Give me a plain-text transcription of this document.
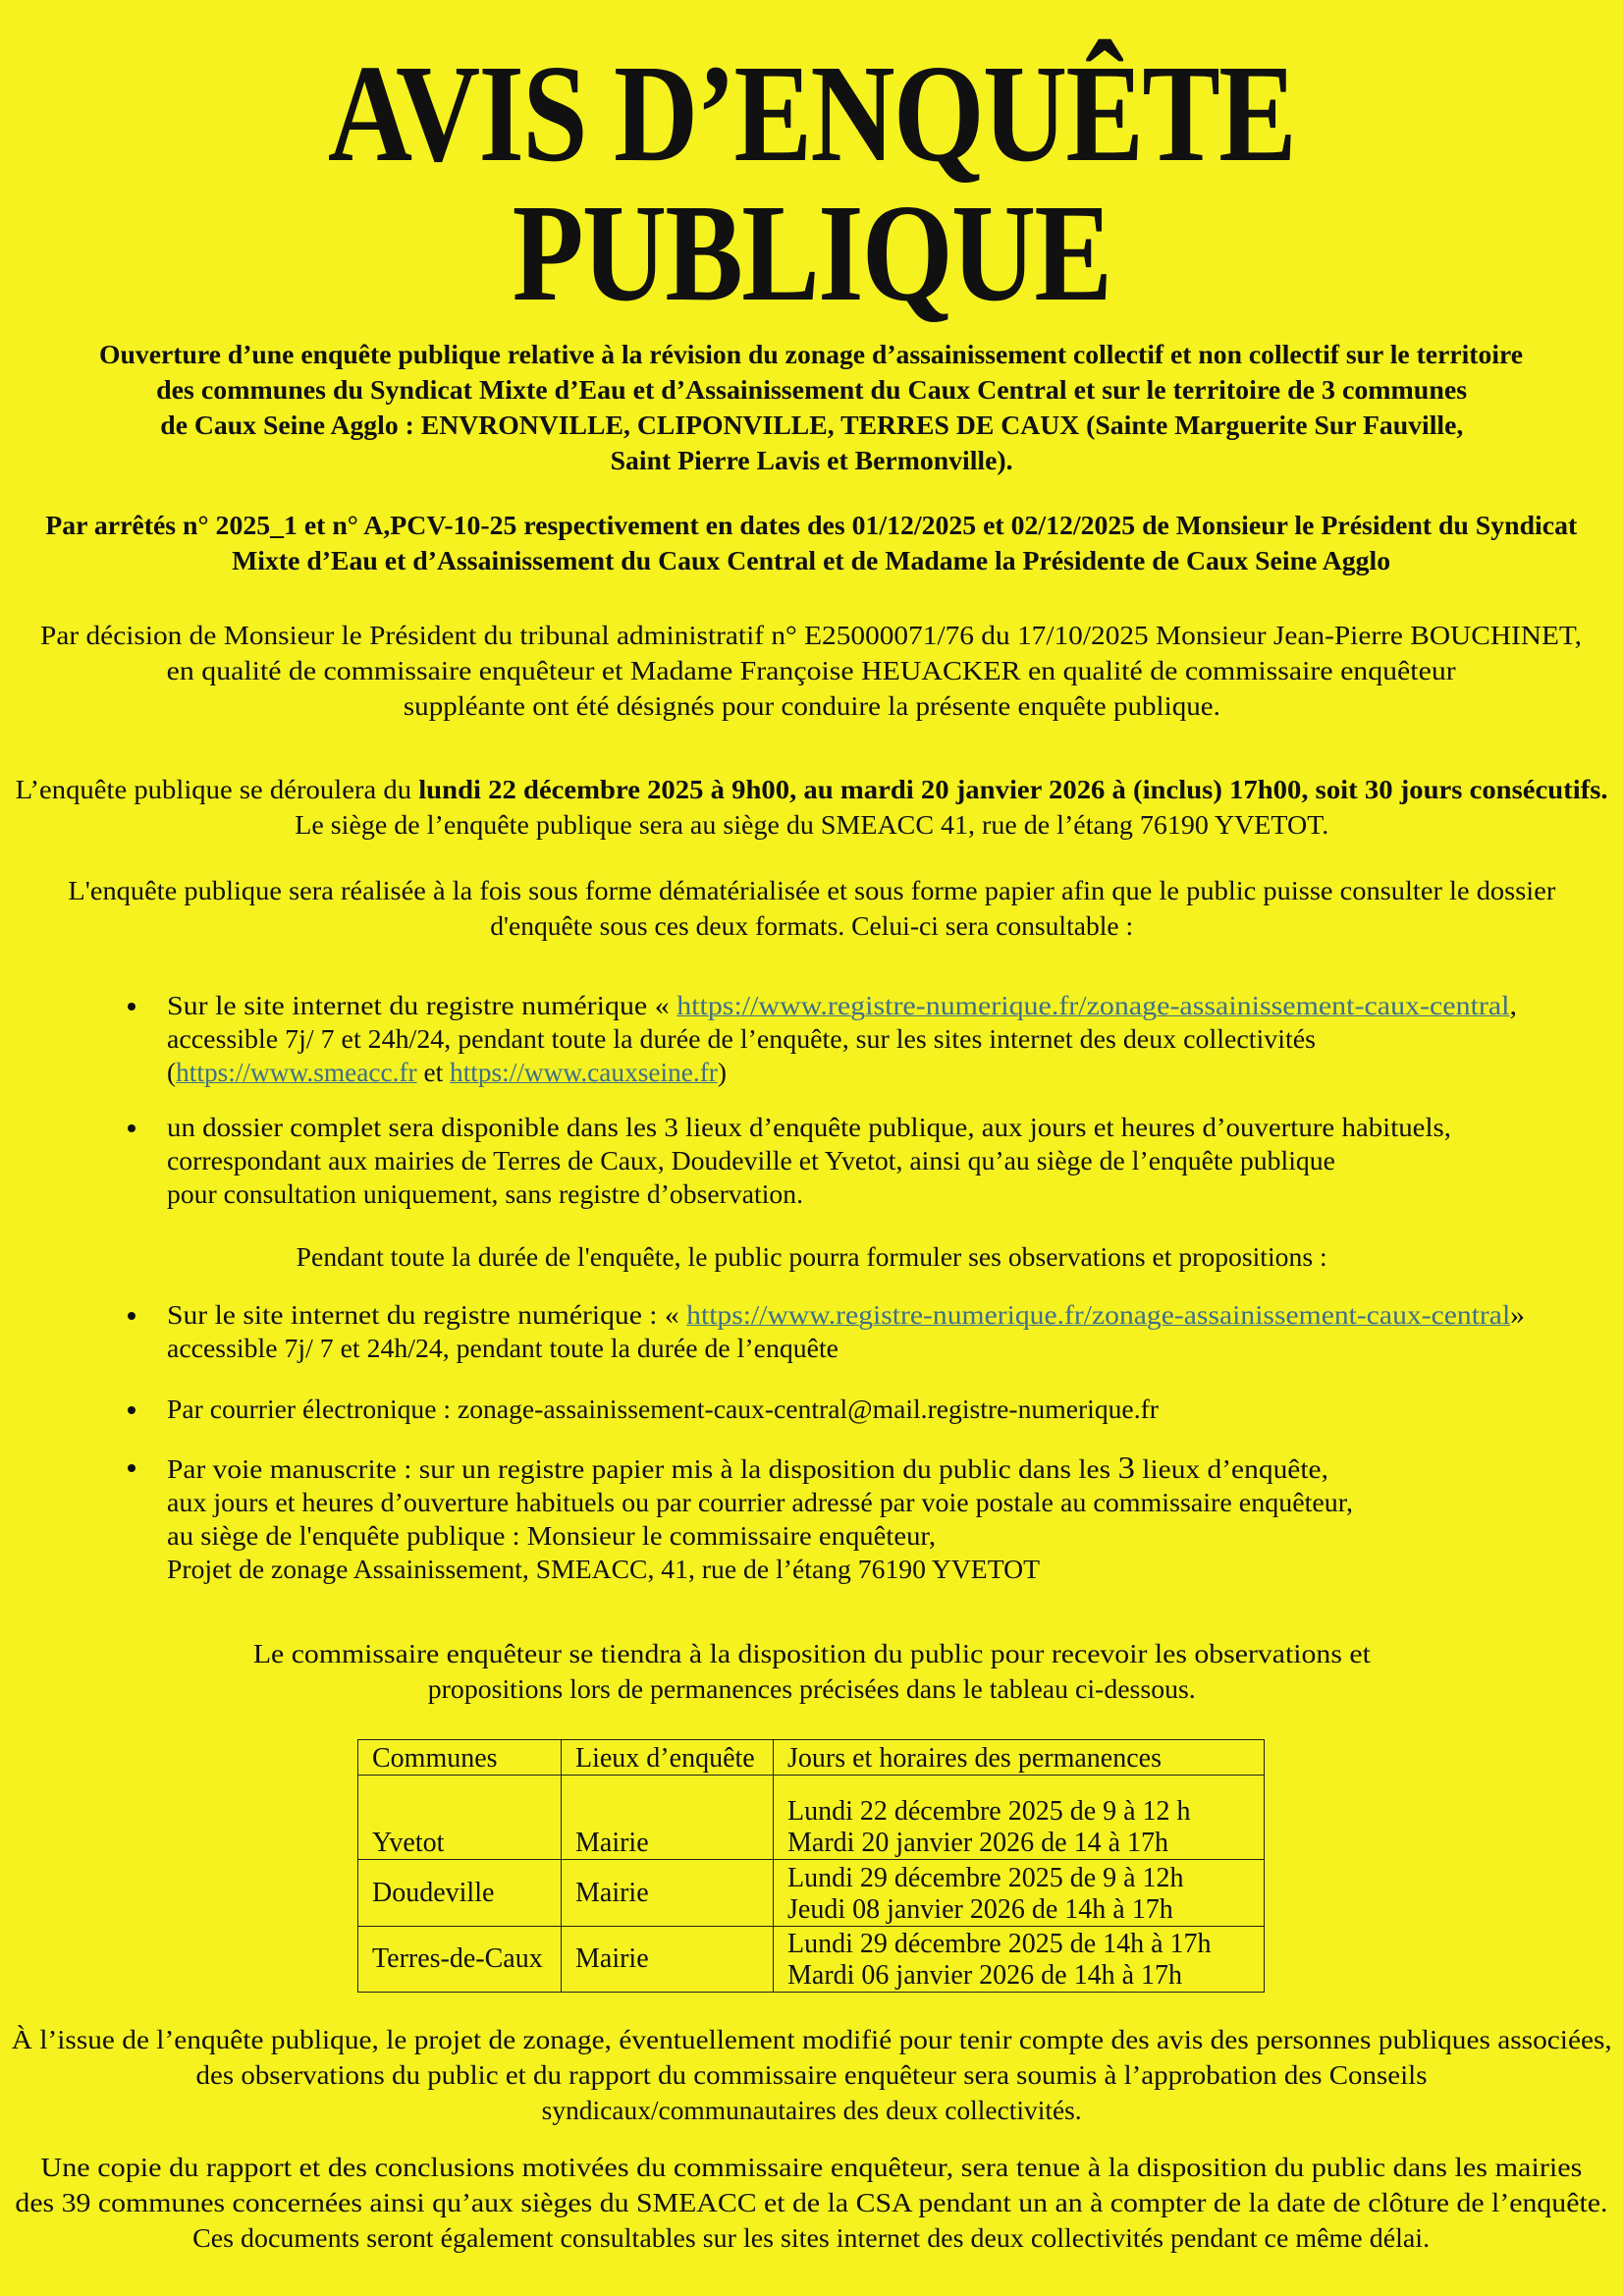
AVIS D’ENQUÊTE
PUBLIQUE
Ouverture d’une enquête publique relative à la révision du zonage d’assainissement collectif et non collectif sur le territoire
des communes du Syndicat Mixte d’Eau et d’Assainissement du Caux Central et sur le territoire de 3 communes
de Caux Seine Agglo : ENVRONVILLE, CLIPONVILLE, TERRES DE CAUX (Sainte Marguerite Sur Fauville,
Saint Pierre Lavis et Bermonville).
Par arrêtés n° 2025_1 et n° A,PCV-10-25 respectivement en dates des 01/12/2025 et 02/12/2025 de Monsieur le Président du Syndicat
Mixte d’Eau et d’Assainissement du Caux Central et de Madame la Présidente de Caux Seine Agglo
Par décision de Monsieur le Président du tribunal administratif n° E25000071/76 du 17/10/2025 Monsieur Jean-Pierre BOUCHINET,
en qualité de commissaire enquêteur et Madame Françoise HEUACKER en qualité de commissaire enquêteur
suppléante ont été désignés pour conduire la présente enquête publique.
L’enquête publique se déroulera du lundi 22 décembre 2025 à 9h00, au mardi 20 janvier 2026 à (inclus) 17h00, soit 30 jours consécutifs.
Le siège de l’enquête publique sera au siège du SMEACC 41, rue de l’étang 76190 YVETOT.
L'enquête publique sera réalisée à la fois sous forme dématérialisée et sous forme papier afin que le public puisse consulter le dossier
d'enquête sous ces deux formats. Celui-ci sera consultable :
Sur le site internet du registre numérique « https://www.registre-numerique.fr/zonage-assainissement-caux-central,
accessible 7j/ 7 et 24h/24, pendant toute la durée de l’enquête, sur les sites internet des deux collectivités
(https://www.smeacc.fr et https://www.cauxseine.fr)
un dossier complet sera disponible dans les 3 lieux d’enquête publique, aux jours et heures d’ouverture habituels,
correspondant aux mairies de Terres de Caux, Doudeville et Yvetot, ainsi qu’au siège de l’enquête publique
pour consultation uniquement, sans registre d’observation.
Pendant toute la durée de l'enquête, le public pourra formuler ses observations et propositions :
Sur le site internet du registre numérique : « https://www.registre-numerique.fr/zonage-assainissement-caux-central»
accessible 7j/ 7 et 24h/24, pendant toute la durée de l’enquête
Par courrier électronique : zonage-assainissement-caux-central@mail.registre-numerique.fr
Par voie manuscrite : sur un registre papier mis à la disposition du public dans les 3 lieux d’enquête,
aux jours et heures d’ouverture habituels ou par courrier adressé par voie postale au commissaire enquêteur,
au siège de l'enquête publique : Monsieur le commissaire enquêteur,
Projet de zonage Assainissement, SMEACC, 41, rue de l’étang 76190 YVETOT
Le commissaire enquêteur se tiendra à la disposition du public pour recevoir les observations et
propositions lors de permanences précisées dans le tableau ci-dessous.
Communes	Lieux d’enquête	Jours et horaires des permanences
Yvetot	Mairie	Lundi 22 décembre 2025 de 9 à 12 h
Mardi 20 janvier 2026 de 14 à 17h

Doudeville	Mairie	Lundi 29 décembre 2025 de 9 à 12h
Jeudi 08 janvier 2026 de 14h à 17h

Terres-de-Caux	Mairie	Lundi 29 décembre 2025 de 14h à 17h
Mardi 06 janvier 2026 de 14h à 17h
À l’issue de l’enquête publique, le projet de zonage, éventuellement modifié pour tenir compte des avis des personnes publiques associées,
des observations du public et du rapport du commissaire enquêteur sera soumis à l’approbation des Conseils
syndicaux/communautaires des deux collectivités.
Une copie du rapport et des conclusions motivées du commissaire enquêteur, sera tenue à la disposition du public dans les mairies
des 39 communes concernées ainsi qu’aux sièges du SMEACC et de la CSA pendant un an à compter de la date de clôture de l’enquête.
Ces documents seront également consultables sur les sites internet des deux collectivités pendant ce même délai.
